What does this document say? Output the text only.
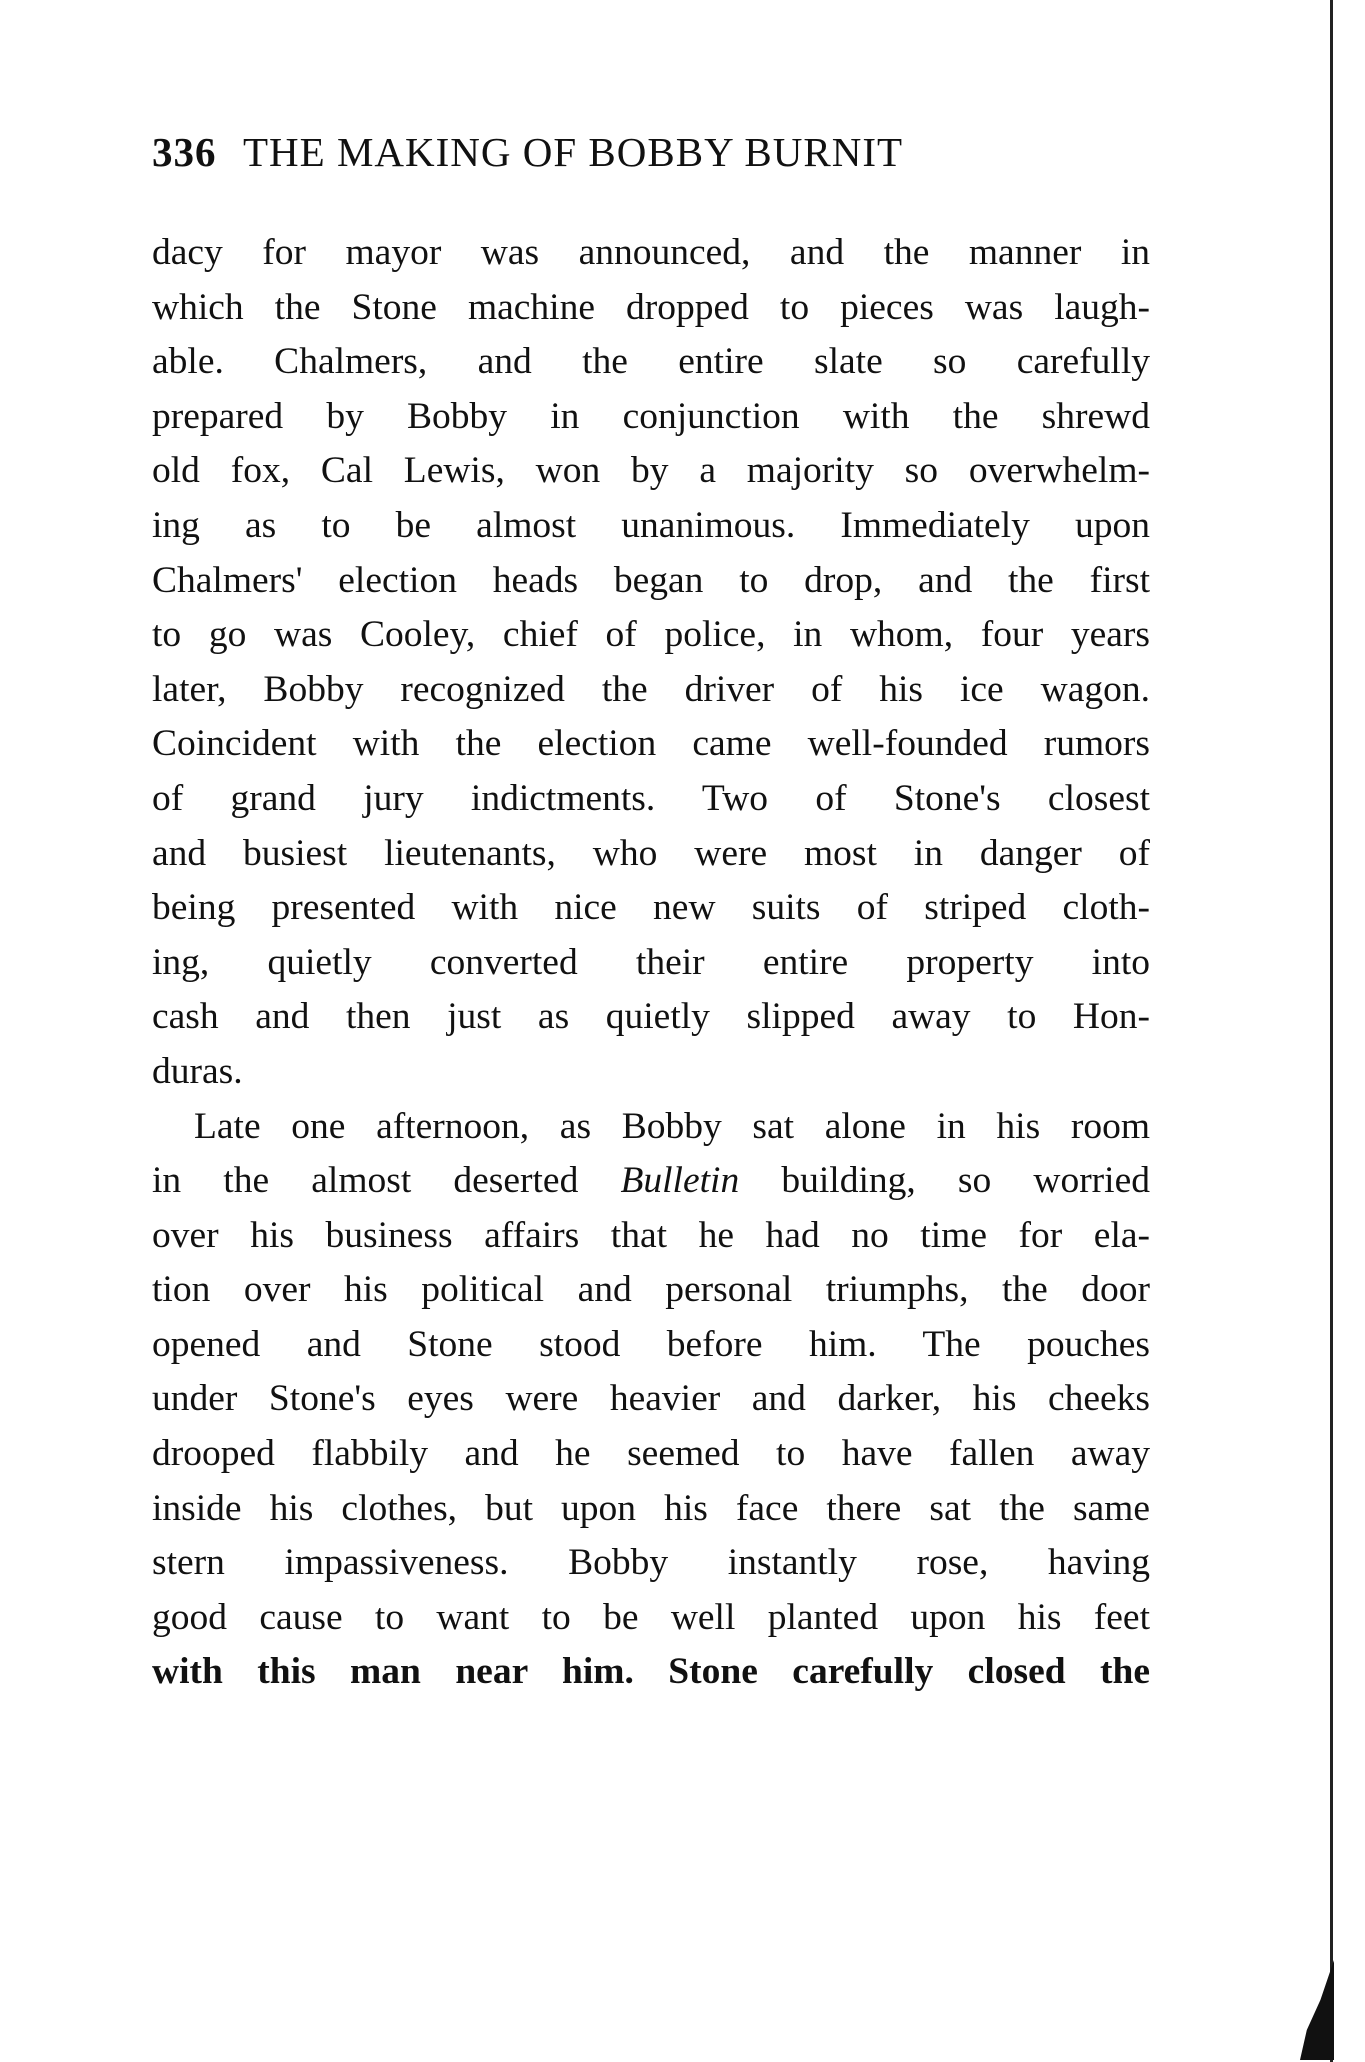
336 THE MAKING OF BOBBY BURNIT
dacy for mayor was announced, and the manner in
which the Stone machine dropped to pieces was laugh-
able. Chalmers, and the entire slate so carefully
prepared by Bobby in conjunction with the shrewd
old fox, Cal Lewis, won by a majority so overwhelm-
ing as to be almost unanimous. Immediately upon
Chalmers' election heads began to drop, and the first
to go was Cooley, chief of police, in whom, four years
later, Bobby recognized the driver of his ice wagon.
Coincident with the election came well-founded rumors
of grand jury indictments. Two of Stone's closest
and busiest lieutenants, who were most in danger of
being presented with nice new suits of striped cloth-
ing, quietly converted their entire property into
cash and then just as quietly slipped away to Hon-
duras.
Late one afternoon, as Bobby sat alone in his room
in the almost deserted Bulletin building, so worried
over his business affairs that he had no time for ela-
tion over his political and personal triumphs, the door
opened and Stone stood before him. The pouches
under Stone's eyes were heavier and darker, his cheeks
drooped flabbily and he seemed to have fallen away
inside his clothes, but upon his face there sat the same
stern impassiveness. Bobby instantly rose, having
good cause to want to be well planted upon his feet
with this man near him. Stone carefully closed the
